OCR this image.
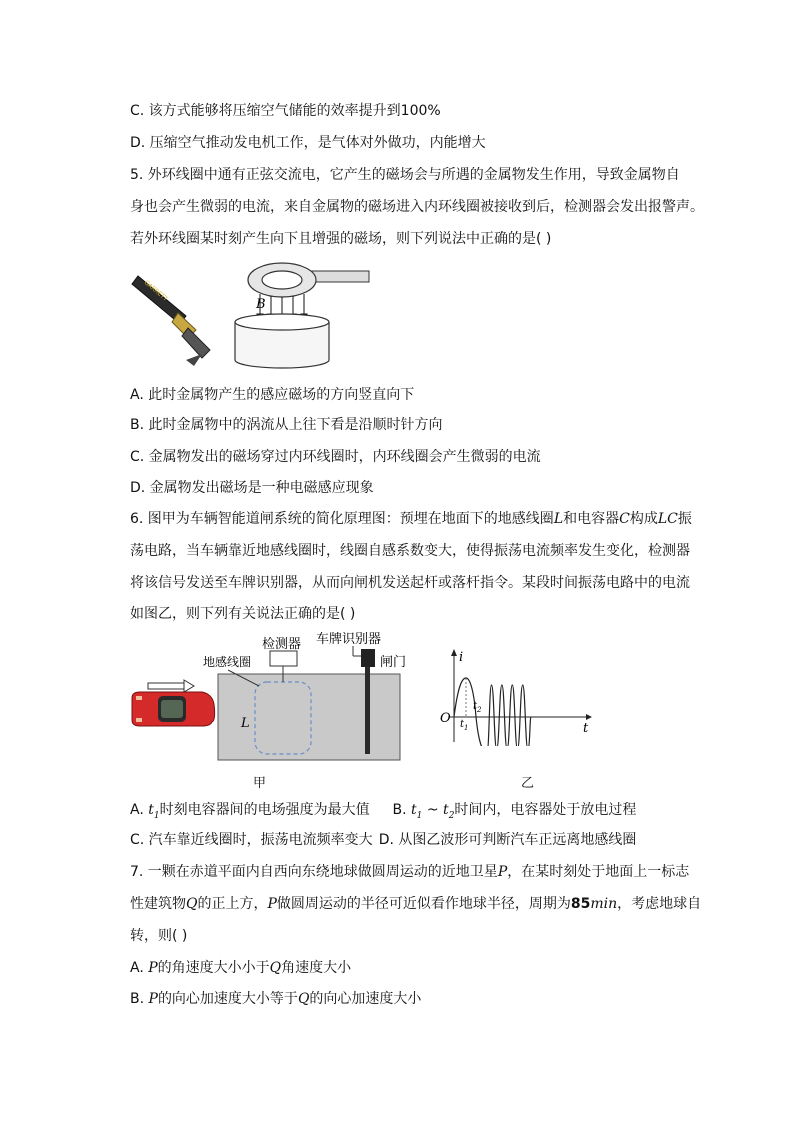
C. 该方式能够将压缩空气储能的效率提升到100%
D. 压缩空气推动发电机工作，是气体对外做功，内能增大
5. 外环线圈中通有正弦交流电，它产生的磁场会与所遇的金属物发生作用，导致金属物自
身也会产生微弱的电流，来自金属物的磁场进入内环线圈被接收到后，检测器会发出报警声。
若外环线圈某时刻产生向下且增强的磁场，则下列说法中正确的是( )
GARRETT
B
A. 此时金属物产生的感应磁场的方向竖直向下
B. 此时金属物中的涡流从上往下看是沿顺时针方向
C. 金属物发出的磁场穿过内环线圈时，内环线圈会产生微弱的电流
D. 金属物发出磁场是一种电磁感应现象
6. 图甲为车辆智能道闸系统的简化原理图：预埋在地面下的地感线圈L和电容器C构成LC振
荡电路，当车辆靠近地感线圈时，线圈自感系数变大，使得振荡电流频率发生变化，检测器
将该信号发送至车牌识别器，从而向闸机发送起杆或落杆指令。某段时间振荡电路中的电流
如图乙，则下列有关说法正确的是( )
L
检测器
地感线圈
车牌识别器
闸门
甲
i
t
O $t_1$
$t_2$
乙
A. $t_1$时刻电容器间的电场强度为最大值 B. $t_1$ ~ $t_2$时间内，电容器处于放电过程
C. 汽车靠近线圈时，振荡电流频率变大 D. 从图乙波形可判断汽车正远离地感线圈
7. 一颗在赤道平面内自西向东绕地球做圆周运动的近地卫星P，在某时刻处于地面上一标志
性建筑物Q的正上方，P做圆周运动的半径可近似看作地球半径，周期为85min，考虑地球自
转，则( )
A. P的角速度大小小于Q角速度大小
B. P的向心加速度大小等于Q的向心加速度大小
